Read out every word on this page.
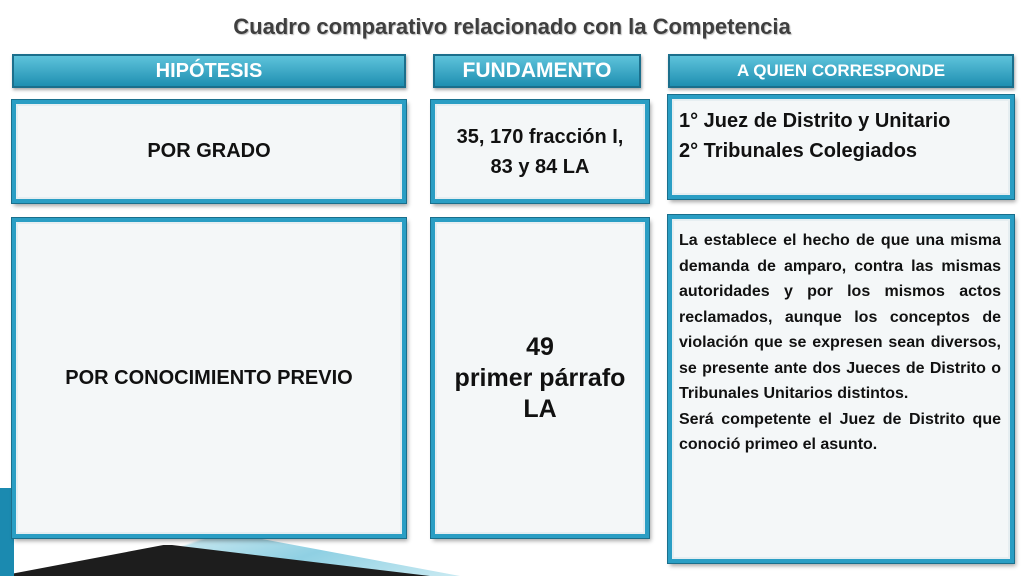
Cuadro comparativo relacionado con la Competencia
HIPÓTESIS	FUNDAMENTO	A QUIEN CORRESPONDE
POR GRADO
35, 170 fracción I, 83 y 84 LA
1° Juez de Distrito y Unitario
2° Tribunales Colegiados
POR CONOCIMIENTO PREVIO
49
primer párrafo
LA
La establece el hecho de que una misma demanda de amparo, contra las mismas autoridades y por los mismos actos reclamados, aunque los conceptos de violación que se expresen sean diversos, se presente ante dos Jueces de Distrito o Tribunales Unitarios distintos.
Será competente el Juez de Distrito que conoció primeo el asunto.
